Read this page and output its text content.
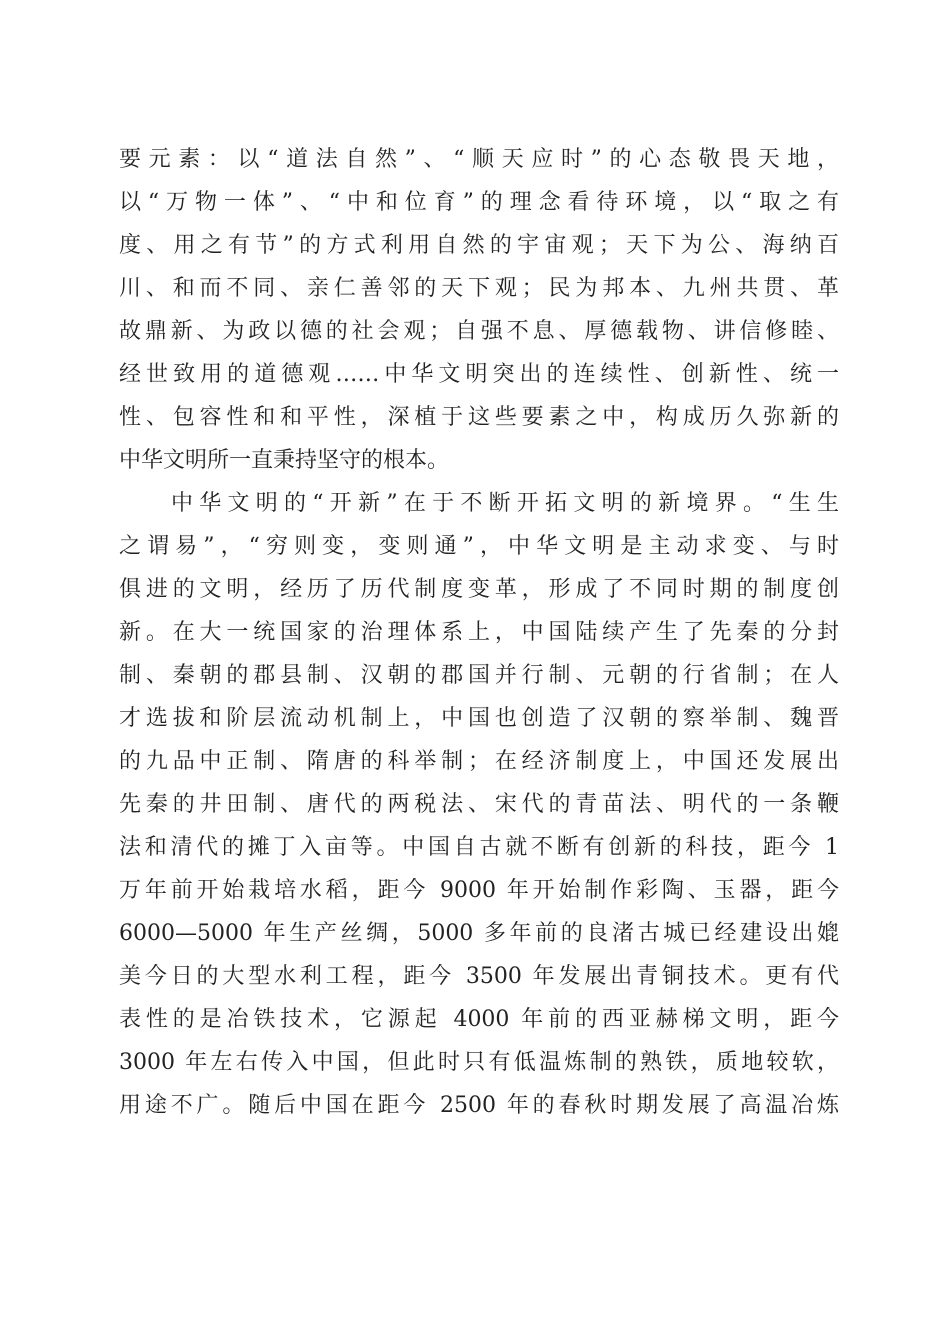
要元素：以“道法自然”、“顺天应时”的心态敬畏天地，
以“万物一体”、“中和位育”的理念看待环境，以“取之有
度、用之有节”的方式利用自然的宇宙观；天下为公、海纳百
川、和而不同、亲仁善邻的天下观；民为邦本、九州共贯、革
故鼎新、为政以德的社会观；自强不息、厚德载物、讲信修睦、
经世致用的道德观……中华文明突出的连续性、创新性、统一
性、包容性和和平性，深植于这些要素之中，构成历久弥新的
中华文明所一直秉持坚守的根本。
中华文明的“开新”在于不断开拓文明的新境界。“生生
之谓易”，“穷则变，变则通”，中华文明是主动求变、与时
俱进的文明，经历了历代制度变革，形成了不同时期的制度创
新。在大一统国家的治理体系上，中国陆续产生了先秦的分封
制、秦朝的郡县制、汉朝的郡国并行制、元朝的行省制；在人
才选拔和阶层流动机制上，中国也创造了汉朝的察举制、魏晋
的九品中正制、隋唐的科举制；在经济制度上，中国还发展出
先秦的井田制、唐代的两税法、宋代的青苗法、明代的一条鞭
法和清代的摊丁入亩等。中国自古就不断有创新的科技，距今 1
万年前开始栽培水稻，距今 9000 年开始制作彩陶、玉器，距今
6000—5000 年生产丝绸，5000 多年前的良渚古城已经建设出媲
美今日的大型水利工程，距今 3500 年发展出青铜技术。更有代
表性的是冶铁技术，它源起 4000 年前的西亚赫梯文明，距今
3000 年左右传入中国，但此时只有低温炼制的熟铁，质地较软，
用途不广。随后中国在距今 2500 年的春秋时期发展了高温冶炼
